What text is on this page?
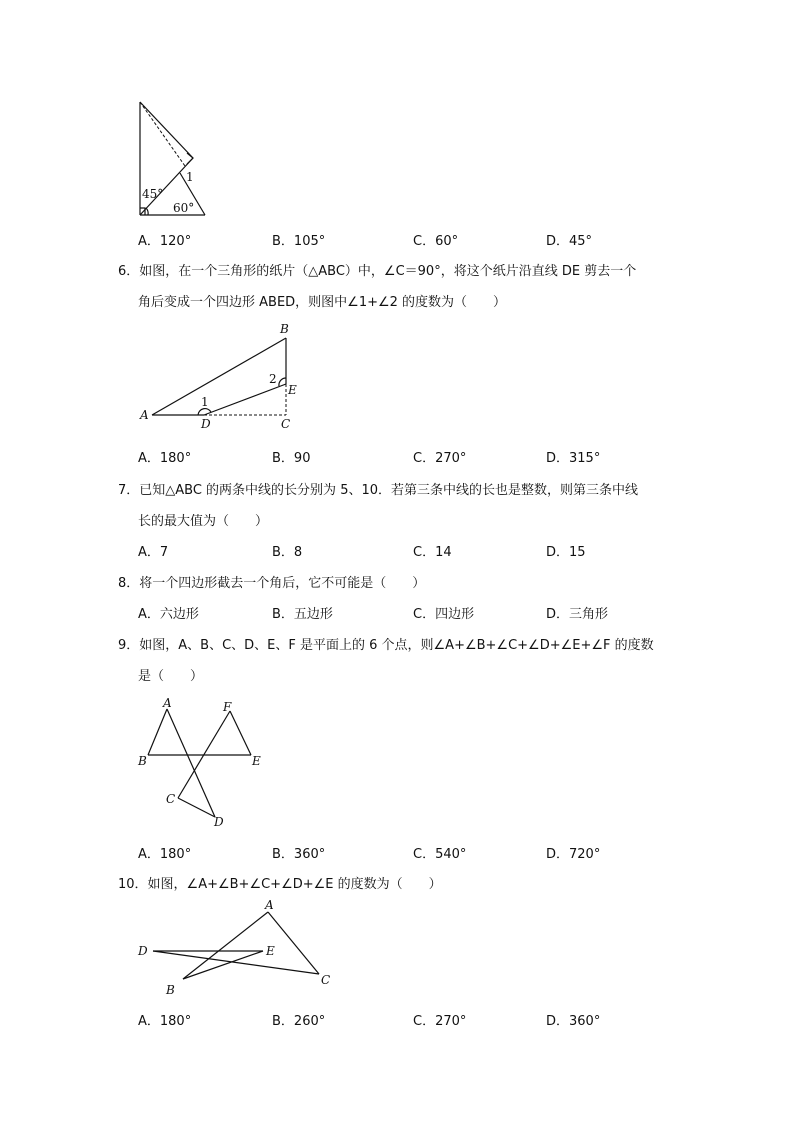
45°
60°
1
A．120°	B．105°	C．60°	D．45°
6．如图，在一个三角形的纸片（△ABC）中，∠C＝90°，将这个纸片沿直线 DE 剪去一个
角后变成一个四边形 ABED，则图中∠1+∠2 的度数为（　　）
A
B
C
D
E
1
2
A．180°	B．90	C．270°	D．315°
7．已知△ABC 的两条中线的长分别为 5、10．若第三条中线的长也是整数，则第三条中线
长的最大值为（　　）
A．7	B．8	C．14	D．15
8．将一个四边形截去一个角后，它不可能是（　　）
A．六边形	B．五边形	C．四边形	D．三角形
9．如图，A、B、C、D、E、F 是平面上的 6 个点，则∠A+∠B+∠C+∠D+∠E+∠F 的度数
是（　　）
A
B
C
D
E
F
A．180°	B．360°	C．540°	D．720°
10．如图，∠A+∠B+∠C+∠D+∠E 的度数为（　　）
A
B
C
D	E
A．180°	B．260°	C．270°	D．360°
